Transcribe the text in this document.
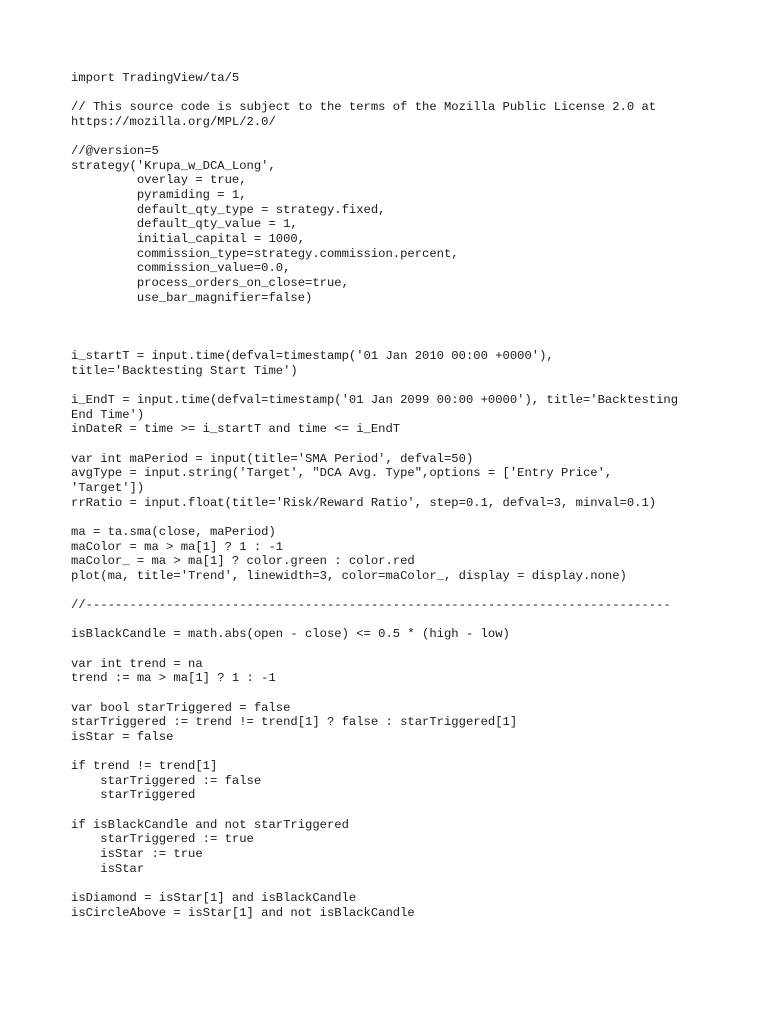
import TradingView/ta/5
// This source code is subject to the terms of the Mozilla Public License 2.0 at
https://mozilla.org/MPL/2.0/
//@version=5
strategy('Krupa_w_DCA_Long',
overlay = true,
pyramiding = 1,
default_qty_type = strategy.fixed,
default_qty_value = 1,
initial_capital = 1000,
commission_type=strategy.commission.percent,
commission_value=0.0,
process_orders_on_close=true,
use_bar_magnifier=false)
i_startT = input.time(defval=timestamp('01 Jan 2010 00:00 +0000'),
title='Backtesting Start Time')
i_EndT = input.time(defval=timestamp('01 Jan 2099 00:00 +0000'), title='Backtesting
End Time')
inDateR = time >= i_startT and time <= i_EndT
var int maPeriod = input(title='SMA Period', defval=50)
avgType = input.string('Target', "DCA Avg. Type",options = ['Entry Price',
'Target'])
rrRatio = input.float(title='Risk/Reward Ratio', step=0.1, defval=3, minval=0.1)
ma = ta.sma(close, maPeriod)
maColor = ma > ma[1] ? 1 : -1
maColor_ = ma > ma[1] ? color.green : color.red
plot(ma, title='Trend', linewidth=3, color=maColor_, display = display.none)
//--------------------------------------------------------------------------------
isBlackCandle = math.abs(open - close) <= 0.5 * (high - low)
var int trend = na
trend := ma > ma[1] ? 1 : -1
var bool starTriggered = false
starTriggered := trend != trend[1] ? false : starTriggered[1]
isStar = false
if trend != trend[1]
starTriggered := false
starTriggered
if isBlackCandle and not starTriggered
starTriggered := true
isStar := true
isStar
isDiamond = isStar[1] and isBlackCandle
isCircleAbove = isStar[1] and not isBlackCandle
